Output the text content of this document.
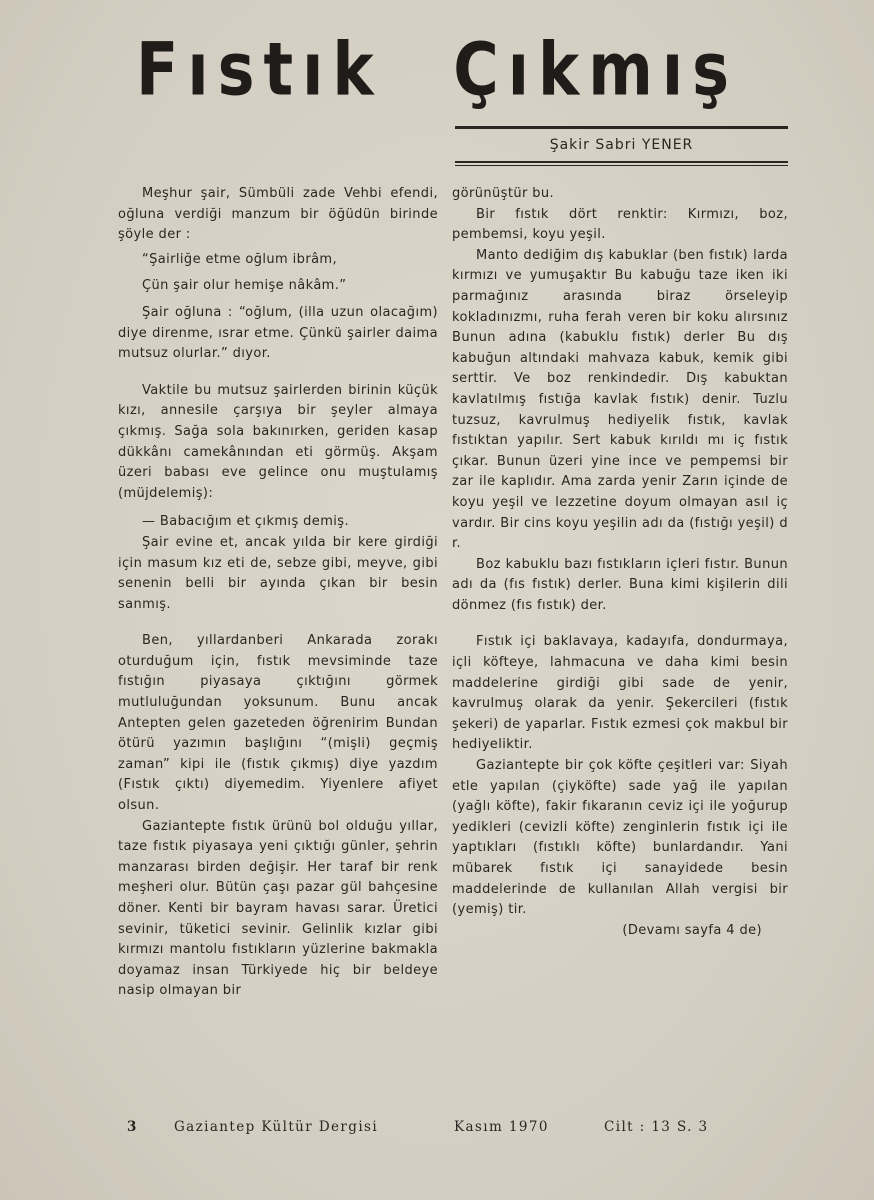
Fıstık Çıkmış
Şakir Sabri YENER

Meşhur şair, Sümbüli zade Vehbi efendi, oğluna verdiği manzum bir öğüdün birinde şöyle der :

“Şairliğe etme oğlum ibrâm,

Çün şair olur hemişe nâkâm.”

Şair oğluna : “oğlum, (illa uzun olacağım) diye direnme, ısrar etme. Çünkü şairler daima mutsuz olurlar.” dıyor.

Vaktile bu mutsuz şairlerden birinin küçük kızı, annesile çarşıya bir şeyler almaya çıkmış. Sağa sola bakınırken, geriden kasap dükkânı camekânından eti görmüş. Akşam üzeri babası eve gelince onu muştulamış (müjdelemiş):

— Babacığım et çıkmış demiş.

Şair evine et, ancak yılda bir kere girdiği için masum kız eti de, sebze gibi, meyve, gibi senenin belli bir ayında çıkan bir besin sanmış.

Ben, yıllardanberi Ankarada zorakı oturduğum için, fıstık mevsiminde taze fıstığın piyasaya çıktığını görmek mutluluğundan yoksunum. Bunu ancak Antepten gelen gazeteden öğrenirim Bundan ötürü yazımın başlığını “(mişli) geçmiş zaman” kipi ile (fıstık çıkmış) diye yazdım (Fıstık çıktı) diyemedim. Yiyenlere afiyet olsun.

Gaziantepte fıstık ürünü bol olduğu yıllar, taze fıstık piyasaya yeni çıktığı günler, şehrin manzarası birden değişir. Her taraf bir renk meşheri olur. Bütün çaşı pazar gül bahçesine döner. Kenti bir bayram havası sarar. Üretici sevinir, tüketici sevinir. Gelinlik kızlar gibi kırmızı mantolu fıstıkların yüzlerine bakmakla doyamaz insan Türkiyede hiç bir beldeye nasip olmayan bir

görünüştür bu.

Bir fıstık dört renktir: Kırmızı, boz, pembemsi, koyu yeşil.

Manto dediğim dış kabuklar (ben fıstık) larda kırmızı ve yumuşaktır Bu kabuğu taze iken iki parmağınız arasında biraz örseleyip kokladınızmı, ruha ferah veren bir koku alırsınız Bunun adına (kabuklu fıstık) derler Bu dış kabuğun altındaki mahvaza kabuk, kemik gibi serttir. Ve boz renkindedir. Dış kabuktan kavlatılmış fıstığa kavlak fıstık) denir. Tuzlu tuzsuz, kavrulmuş hediyelik fıstık, kavlak fıstıktan yapılır. Sert kabuk kırıldı mı iç fıstık çıkar. Bunun üzeri yine ince ve pempemsi bir zar ile kaplıdır. Ama zarda yenir Zarın içinde de koyu yeşil ve lezzetine doyum olmayan asıl iç vardır. Bir cins koyu yeşilin adı da (fıstığı yeşil) d r.

Boz kabuklu bazı fıstıkların içleri fıstır. Bunun adı da (fıs fıstık) derler. Buna kimi kişilerin dili dönmez (fıs fıstık) der.

Fıstık içi baklavaya, kadayıfa, dondurmaya, içli köfteye, lahmacuna ve daha kimi besin maddelerine girdiği gibi sade de yenir, kavrulmuş olarak da yenir. Şekercileri (fıstık şekeri) de yaparlar. Fıstık ezmesi çok makbul bir hediyeliktir.

Gaziantepte bir çok köfte çeşitleri var: Siyah etle yapılan (çiyköfte) sade yağ ile yapılan (yağlı köfte), fakir fıkaranın ceviz içi ile yoğurup yedikleri (cevizli köfte) zenginlerin fıstık içi ile yaptıkları (fıstıklı köfte) bunlardandır. Yani mübarek fıstık içi sanayidede besin maddelerinde de kullanılan Allah vergisi bir (yemiş) tir.

(Devamı sayfa 4 de)

3	Gaziantep Kültür Dergisi	Kasım 1970	Cilt : 13 S. 3
